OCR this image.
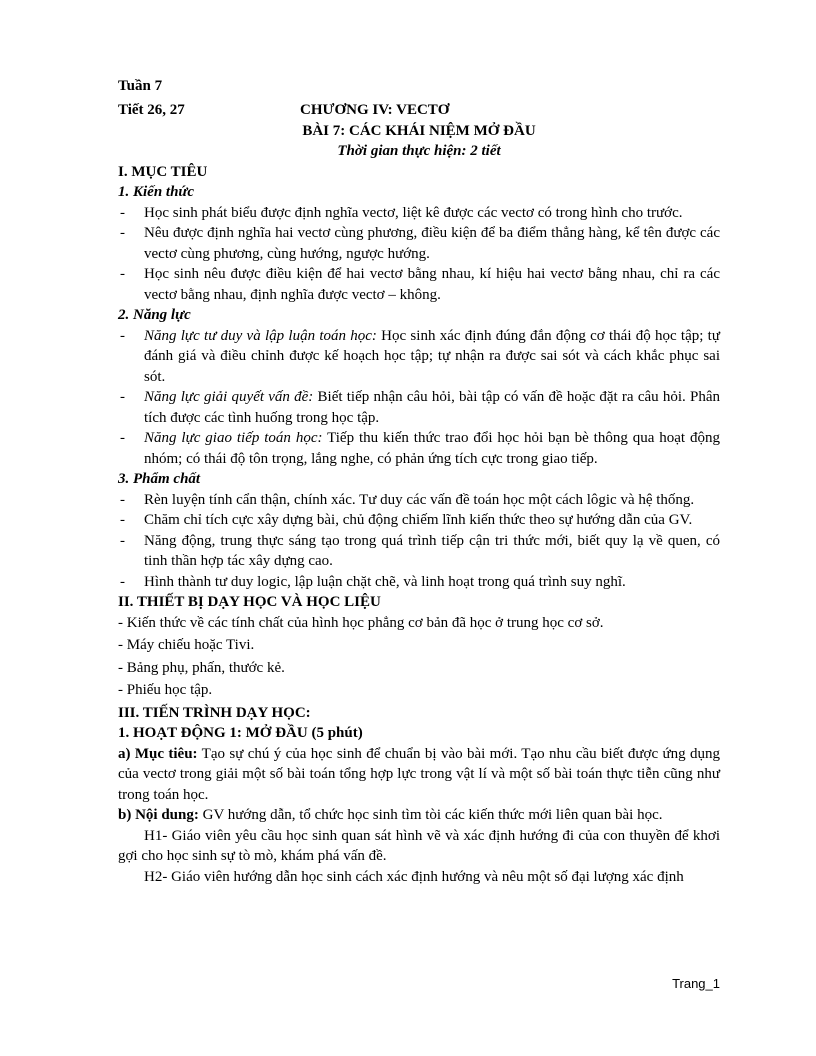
Tuần 7

Tiết 26, 27	CHƯƠNG IV: VECTƠ

BÀI 7: CÁC KHÁI NIỆM MỞ ĐẦU

Thời gian thực hiện: 2 tiết

I. MỤC TIÊU

1. Kiến thức

- Học sinh phát biểu được định nghĩa vectơ, liệt kê được các vectơ có trong hình cho trước.
- Nêu được định nghĩa hai vectơ cùng phương, điều kiện để ba điểm thẳng hàng, kể tên được các vectơ cùng phương, cùng hướng, ngược hướng.
- Học sinh nêu được điều kiện để hai vectơ bằng nhau, kí hiệu hai vectơ bằng nhau, chỉ ra các vectơ bằng nhau, định nghĩa được vectơ – không.

2. Năng lực

- Năng lực tư duy và lập luận toán học: Học sinh xác định đúng đắn động cơ thái độ học tập; tự đánh giá và điều chỉnh được kế hoạch học tập; tự nhận ra được sai sót và cách khắc phục sai sót.
- Năng lực giải quyết vấn đề: Biết tiếp nhận câu hỏi, bài tập có vấn đề hoặc đặt ra câu hỏi. Phân tích được các tình huống trong học tập.
- Năng lực giao tiếp toán học: Tiếp thu kiến thức trao đổi học hỏi bạn bè thông qua hoạt động nhóm; có thái độ tôn trọng, lắng nghe, có phản ứng tích cực trong giao tiếp.

3. Phẩm chất

- Rèn luyện tính cẩn thận, chính xác. Tư duy các vấn đề toán học một cách lôgic và hệ thống.
- Chăm chỉ tích cực xây dựng bài, chủ động chiếm lĩnh kiến thức theo sự hướng dẫn của GV.
- Năng động, trung thực sáng tạo trong quá trình tiếp cận tri thức mới, biết quy lạ về quen, có tinh thần hợp tác xây dựng cao.
- Hình thành tư duy logic, lập luận chặt chẽ, và linh hoạt trong quá trình suy nghĩ.

II. THIẾT BỊ DẠY HỌC VÀ HỌC LIỆU

- Kiến thức về các tính chất của hình học phẳng cơ bản đã học ở trung học cơ sở.

- Máy chiếu hoặc Tivi.

- Bảng phụ, phấn, thước kẻ.

- Phiếu học tập.

III. TIẾN TRÌNH DẠY HỌC:

1. HOẠT ĐỘNG 1: MỞ ĐẦU (5 phút)

a) Mục tiêu: Tạo sự chú ý của học sinh để chuẩn bị vào bài mới. Tạo nhu cầu biết được ứng dụng của vectơ trong giải một số bài toán tổng hợp lực trong vật lí và một số bài toán thực tiễn cũng như trong toán học.

b) Nội dung: GV hướng dẫn, tổ chức học sinh tìm tòi các kiến thức mới liên quan bài học.

H1- Giáo viên yêu cầu học sinh quan sát hình vẽ và xác định hướng đi của con thuyền để khơi gợi cho học sinh sự tò mò, khám phá vấn đề.

H2- Giáo viên hướng dẫn học sinh cách xác định hướng và nêu một số đại lượng xác định

Trang_1
